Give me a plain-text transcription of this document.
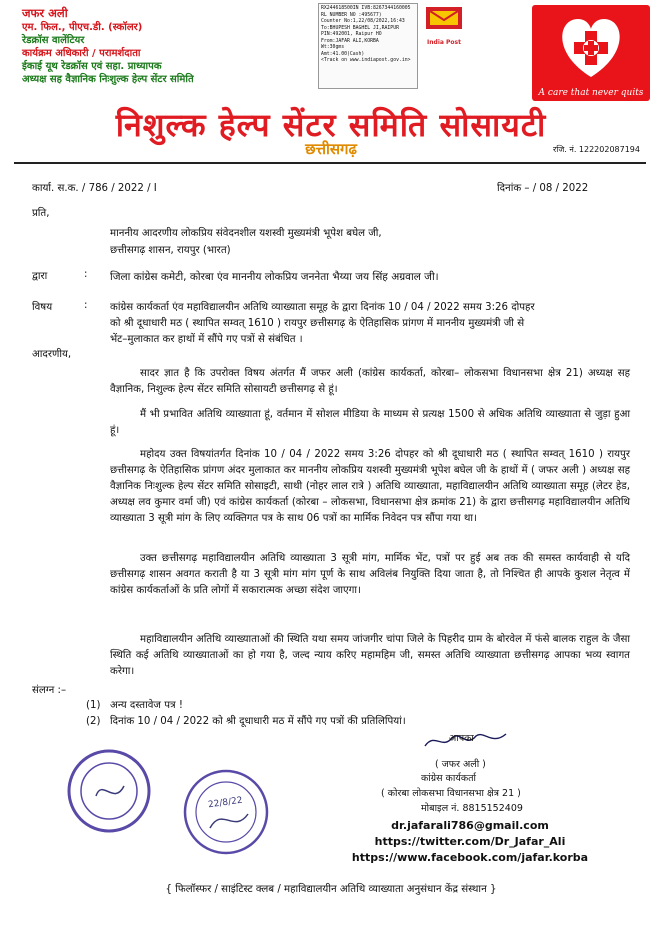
जफर अली
एम. फिल., पीएच.डी. (स्कॉलर)
रेडक्रॉस वालेंटियर
कार्यक्रम अधिकारी / परामर्शदाता
ईकाई यूथ रेडक्रॉस एवं सहा. प्राध्यापक
अध्यक्ष सह वैज्ञानिक निःशुल्क हेल्प सेंटर समिति
RX244618500IN IVB:8267344160005
RL NUMBER NO :495677)
Counter No:1,22/08/2022,16:43
To:BHUPESH BAGHEL JI,RAIPUR
PIN:492001, Raipur HO
From:JAFAR ALI,KORBA
Wt:30gms
Amt:41.00(Cash)
<Track on www.indiapost.gov.in>
India Post
A care that never quits
निशुल्क हेल्प सेंटर समिति सोसायटी
छत्तीसगढ़	रजि. नं. 122202087194
कार्या. स.क. / 786 / 2022 / I	दिनांक – / 08 / 2022
प्रति,
माननीय आदरणीय लोकप्रिय संवेदनशील यशस्वी मुख्यमंत्री भूपेश बघेल जी,
छत्तीसगढ़ शासन, रायपुर (भारत)
द्वारा	: जिला कांग्रेस कमेटी, कोरबा एंव माननीय लोकप्रिय जननेता भैय्या जय सिंह अग्रवाल जी।
विषय	: कांग्रेस कार्यकर्ता एंव महाविद्यालयीन अतिथि व्याख्याता समूह के द्वारा दिनांक 10 / 04 / 2022 समय 3:26 दोपहर
को श्री दूधाधारी मठ ( स्थापित सम्वत् 1610 ) रायपुर छत्तीसगढ़ के ऐतिहासिक प्रांगण में माननीय मुख्यमंत्री जी से
भेंट–मुलाकात कर हाथों में सौंपे गए पत्रों से संबंधित ।
आदरणीय,
सादर ज्ञात है कि उपरोक्त विषय अंतर्गत मैं जफर अली (कांग्रेस कार्यकर्ता, कोरबा– लोकसभा विधानसभा क्षेत्र 21) अध्यक्ष सह वैज्ञानिक, निशुल्क हेल्प सेंटर समिति सोसायटी छत्तीसगढ़ से हूं।
मैं भी प्रभावित अतिथि व्याख्याता हूं, वर्तमान में सोशल मीडिया के माध्यम से प्रत्यक्ष 1500 से अधिक अतिथि व्याख्याता से जुड़ा हुआ हूं।
महोदय उक्त विषयांतर्गत दिनांक 10 / 04 / 2022 समय 3:26 दोपहर को श्री दूधाधारी मठ ( स्थापित सम्वत् 1610 ) रायपुर छत्तीसगढ़ के ऐतिहासिक प्रांगण अंदर मुलाकात कर माननीय लोकप्रिय यशस्वी मुख्यमंत्री भूपेश बघेल जी के हाथों में ( जफर अली ) अध्यक्ष सह वैज्ञानिक निःशुल्क हेल्प सेंटर समिति सोसाइटी, साथी (नोहर लाल रात्रे ) अतिथि व्याख्याता, महाविद्यालयीन अतिथि व्याख्याता समूह (लेटर हेड, अध्यक्ष लव कुमार वर्मा जी) एवं कांग्रेस कार्यकर्ता (कोरबा – लोकसभा, विधानसभा क्षेत्र क्रमांक 21) के द्वारा छत्तीसगढ़ महाविद्यालयीन अतिथि व्याख्याता 3 सूत्री मांग के लिए व्यक्तिगत पत्र के साथ 06 पत्रों का मार्मिक निवेदन पत्र सौंपा गया था।
उक्त छत्तीसगढ़ महाविद्यालयीन अतिथि व्याख्याता 3 सूत्री मांग, मार्मिक भेंट, पत्रों पर हुई अब तक की समस्त कार्यवाही से यदि छत्तीसगढ़ शासन अवगत कराती है या 3 सूत्री मांग मांग पूर्ण के साथ अविलंब नियुक्ति दिया जाता है, तो निश्चित ही आपके कुशल नेतृत्व में कांग्रेस कार्यकर्ताओं के प्रति लोगों में सकारात्मक अच्छा संदेश जाएगा।
महाविद्यालयीन अतिथि व्याख्याताओं की स्थिति यथा समय जांजगीर चांपा जिले के पिहरीद ग्राम के बोरवेल में फंसे बालक राहुल के जैसा स्थिति कई अतिथि व्याख्याताओं का हो गया है, जल्द न्याय करिए महामहिम जी, समस्त अतिथि व्याख्याता छत्तीसगढ़ आपका भव्य स्वागत करेगा।
संलग्न :–
(1) अन्य दस्तावेज पत्र !
(2) दिनांक 10 / 04 / 2022 को श्री दूधाधारी मठ में सौंपे गए पत्रों की प्रतिलिपियां।
22/8/22
आपका
( जफर अली )
कांग्रेस कार्यकर्ता
( कोरबा लोकसभा विधानसभा क्षेत्र 21 )
मोबाइल नं. 8815152409
dr.jafarali786@gmail.com
https://twitter.com/Dr_Jafar_Ali
https://www.facebook.com/jafar.korba
{ फिलॉस्फर / साइंटिस्ट क्लब / महाविद्यालयीन अतिथि व्याख्याता अनुसंधान केंद्र संस्थान }
